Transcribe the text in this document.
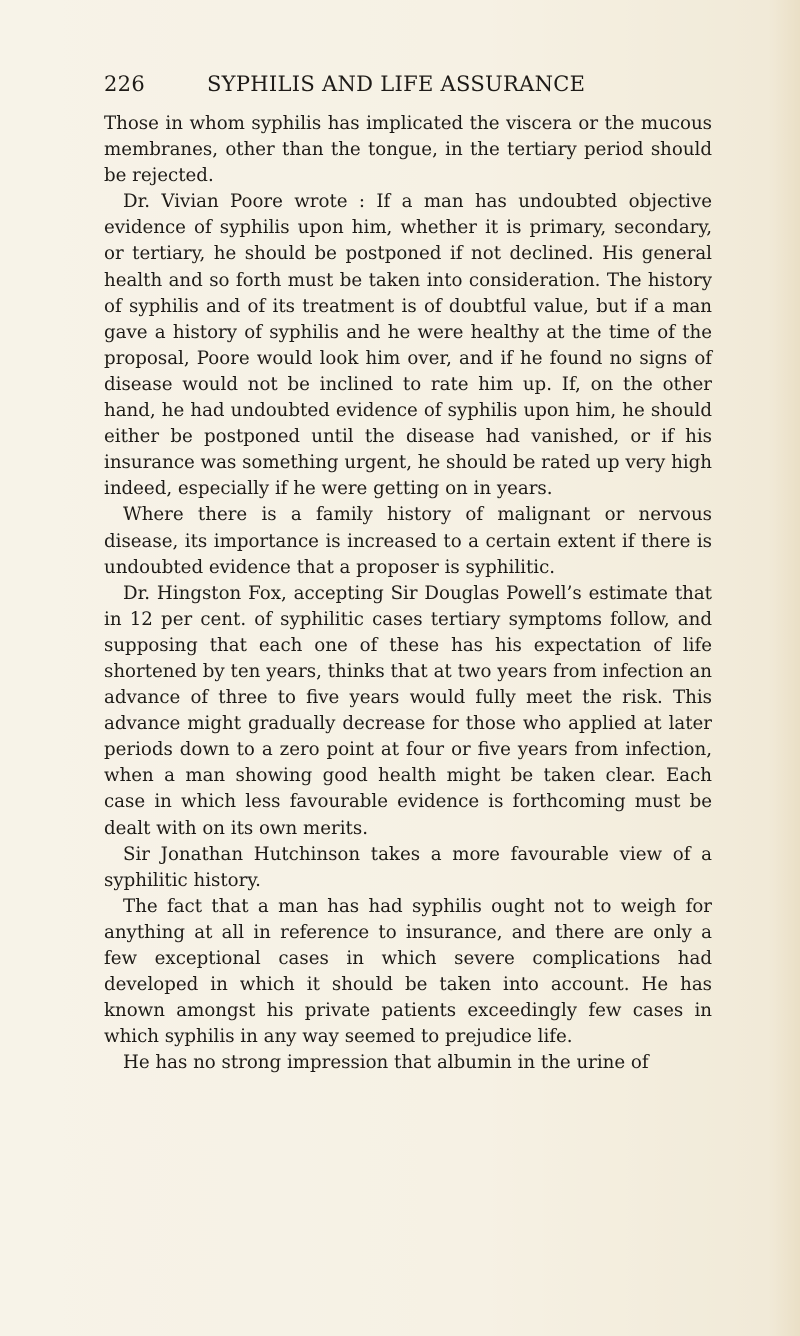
226	SYPHILIS AND LIFE ASSURANCE

Those in whom syphilis has implicated the viscera or the mucous membranes, other than the tongue, in the tertiary period should be rejected.

Dr. Vivian Poore wrote : If a man has undoubted objective evidence of syphilis upon him, whether it is primary, secondary, or tertiary, he should be postponed if not declined. His general health and so forth must be taken into consideration. The history of syphilis and of its treatment is of doubtful value, but if a man gave a history of syphilis and he were healthy at the time of the proposal, Poore would look him over, and if he found no signs of disease would not be inclined to rate him up. If, on the other hand, he had undoubted evidence of syphilis upon him, he should either be postponed until the disease had vanished, or if his insurance was something urgent, he should be rated up very high indeed, especially if he were getting on in years.

Where there is a family history of malignant or nervous disease, its importance is increased to a certain extent if there is undoubted evidence that a proposer is syphilitic.

Dr. Hingston Fox, accepting Sir Douglas Powell’s estimate that in 12 per cent. of syphilitic cases tertiary symptoms follow, and supposing that each one of these has his expectation of life shortened by ten years, thinks that at two years from infection an advance of three to five years would fully meet the risk. This advance might gradually decrease for those who applied at later periods down to a zero point at four or five years from infection, when a man showing good health might be taken clear. Each case in which less favourable evidence is forthcoming must be dealt with on its own merits.

Sir Jonathan Hutchinson takes a more favourable view of a syphilitic history.

The fact that a man has had syphilis ought not to weigh for anything at all in reference to insurance, and there are only a few exceptional cases in which severe complications had developed in which it should be taken into account. He has known amongst his private patients exceedingly few cases in which syphilis in any way seemed to prejudice life.

He has no strong impression that albumin in the urine of
